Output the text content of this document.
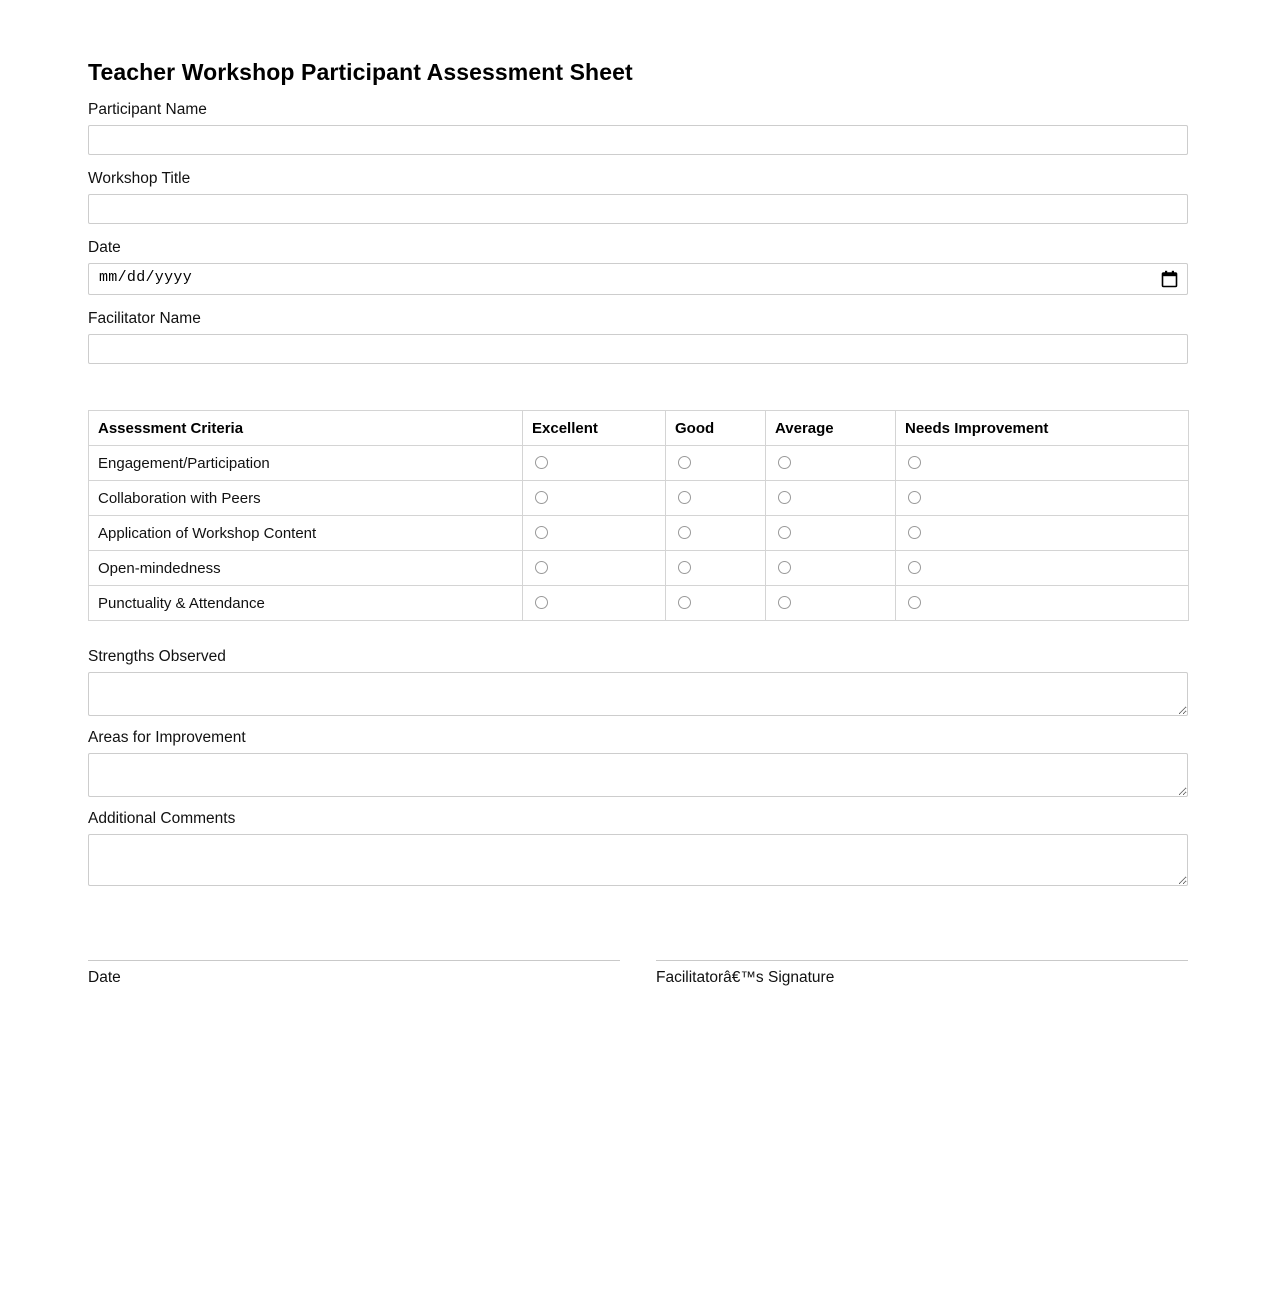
Teacher Workshop Participant Assessment Sheet
Participant Name
Workshop Title
Date
mm/dd/yyyy
Facilitator Name
Assessment Criteria	Excellent	Good	Average	Needs Improvement
Engagement/Participation				
Collaboration with Peers				
Application of Workshop Content				
Open-mindedness				
Punctuality & Attendance				
Strengths Observed
Areas for Improvement
Additional Comments
Date	Facilitatorâ€™s Signature
